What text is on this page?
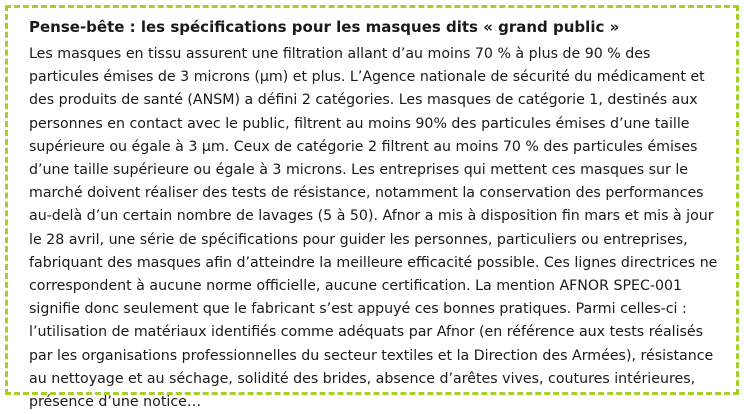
Pense-bête : les spécifications pour les masques dits « grand public »

Les masques en tissu assurent une filtration allant d’au moins 70 % à plus de 90 % des particules émises de 3 microns (μm) et plus. L’Agence nationale de sécurité du médicament et des produits de santé (ANSM) a défini 2 catégories. Les masques de catégorie 1, destinés aux personnes en contact avec le public, filtrent au moins 90% des particules émises d’une taille supérieure ou égale à 3 μm. Ceux de catégorie 2 filtrent au moins 70 % des particules émises d’une taille supérieure ou égale à 3 microns. Les entreprises qui mettent ces masques sur le marché doivent réaliser des tests de résistance, notamment la conservation des performances au-delà d’un certain nombre de lavages (5 à 50). Afnor a mis à disposition fin mars et mis à jour le 28 avril, une série de spécifications pour guider les personnes, particuliers ou entreprises, fabriquant des masques afin d’atteindre la meilleure efficacité possible. Ces lignes directrices ne correspondent à aucune norme officielle, aucune certification. La mention AFNOR SPEC-001 signifie donc seulement que le fabricant s’est appuyé ces bonnes pratiques. Parmi celles-ci : l’utilisation de matériaux identifiés comme adéquats par Afnor (en référence aux tests réalisés par les organisations professionnelles du secteur textiles et la Direction des Armées), résistance au nettoyage et au séchage, solidité des brides, absence d’arêtes vives, coutures intérieures, présence d’une notice…
